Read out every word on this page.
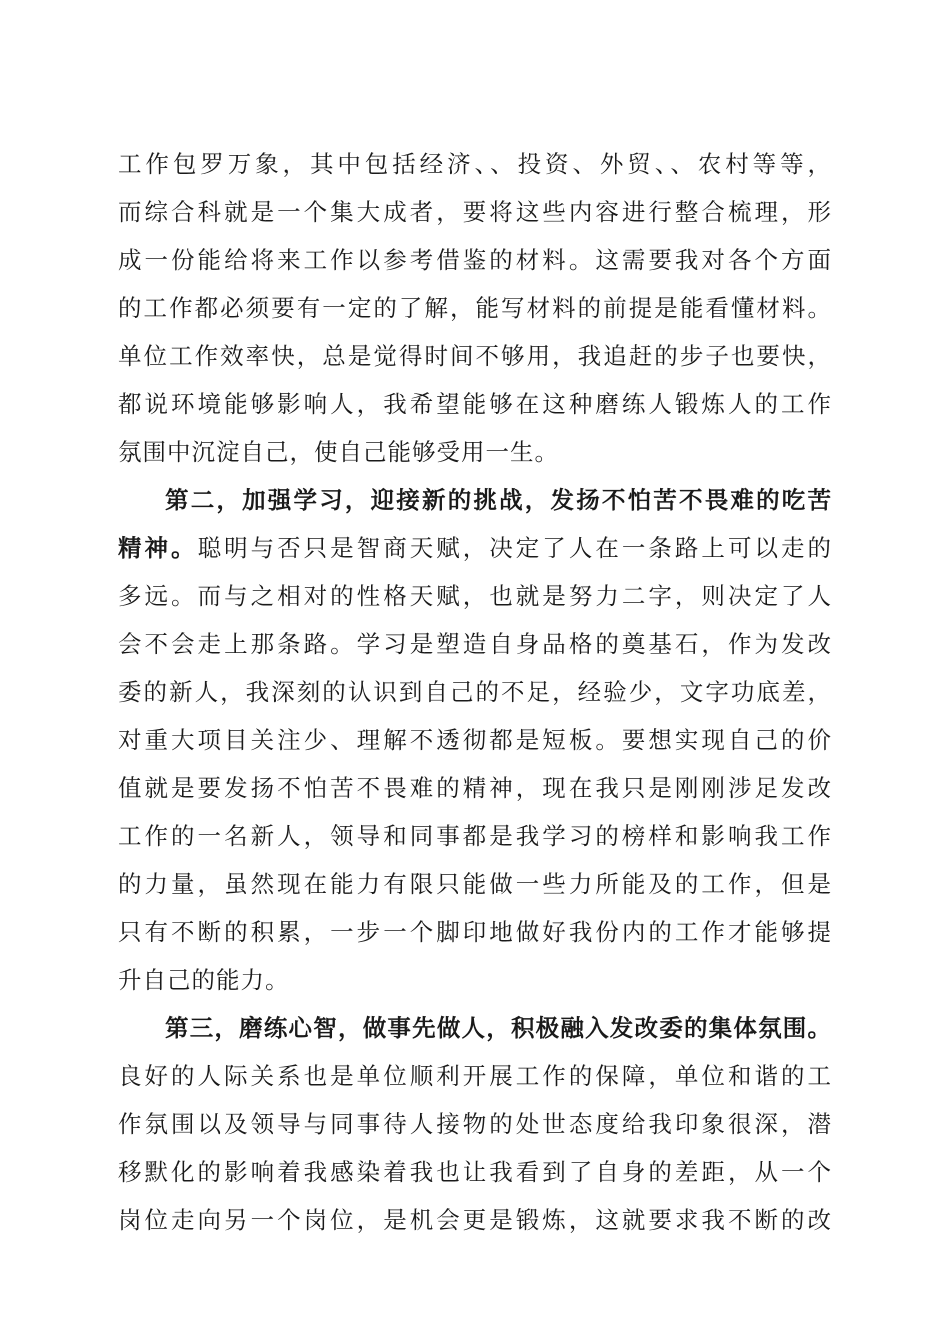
工作包罗万象，其中包括经济、、投资、外贸、、农村等等，
而综合科就是一个集大成者，要将这些内容进行整合梳理，形
成一份能给将来工作以参考借鉴的材料。这需要我对各个方面
的工作都必须要有一定的了解，能写材料的前提是能看懂材料。
单位工作效率快，总是觉得时间不够用，我追赶的步子也要快，
都说环境能够影响人，我希望能够在这种磨练人锻炼人的工作
氛围中沉淀自己，使自己能够受用一生。
第二，加强学习，迎接新的挑战，发扬不怕苦不畏难的吃苦
精神。聪明与否只是智商天赋，决定了人在一条路上可以走的
多远。而与之相对的性格天赋，也就是努力二字，则决定了人
会不会走上那条路。学习是塑造自身品格的奠基石，作为发改
委的新人，我深刻的认识到自己的不足，经验少，文字功底差，
对重大项目关注少、理解不透彻都是短板。要想实现自己的价
值就是要发扬不怕苦不畏难的精神，现在我只是刚刚涉足发改
工作的一名新人，领导和同事都是我学习的榜样和影响我工作
的力量，虽然现在能力有限只能做一些力所能及的工作，但是
只有不断的积累，一步一个脚印地做好我份内的工作才能够提
升自己的能力。
第三，磨练心智，做事先做人，积极融入发改委的集体氛围。
良好的人际关系也是单位顺利开展工作的保障，单位和谐的工
作氛围以及领导与同事待人接物的处世态度给我印象很深，潜
移默化的影响着我感染着我也让我看到了自身的差距，从一个
岗位走向另一个岗位，是机会更是锻炼，这就要求我不断的改
